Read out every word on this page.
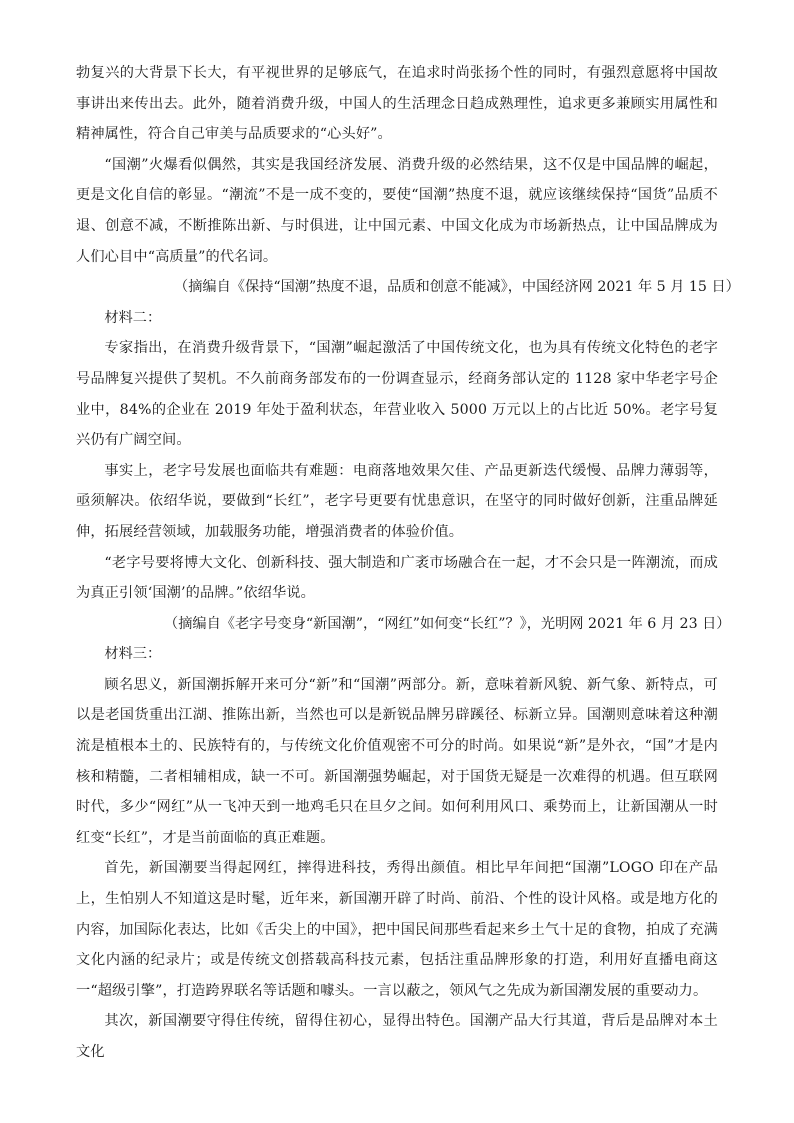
勃复兴的大背景下长大，有平视世界的足够底气，在追求时尚张扬个性的同时，有强烈意愿将中国故事讲出来传出去。此外，随着消费升级，中国人的生活理念日趋成熟理性，追求更多兼顾实用属性和精神属性，符合自己审美与品质要求的“心头好”。

“国潮”火爆看似偶然，其实是我国经济发展、消费升级的必然结果，这不仅是中国品牌的崛起，更是文化自信的彰显。“潮流”不是一成不变的，要使“国潮”热度不退，就应该继续保持“国货”品质不退、创意不减，不断推陈出新、与时俱进，让中国元素、中国文化成为市场新热点，让中国品牌成为人们心目中“高质量”的代名词。

（摘编自《保持“国潮”热度不退，品质和创意不能减》，中国经济网 2021 年 5 月 15 日）

材料二：

专家指出，在消费升级背景下，“国潮”崛起激活了中国传统文化，也为具有传统文化特色的老字号品牌复兴提供了契机。不久前商务部发布的一份调查显示，经商务部认定的 1128 家中华老字号企业中，84%的企业在 2019 年处于盈利状态，年营业收入 5000 万元以上的占比近 50%。老字号复兴仍有广阔空间。

事实上，老字号发展也面临共有难题：电商落地效果欠佳、产品更新迭代缓慢、品牌力薄弱等，亟须解决。依绍华说，要做到“长红”，老字号更要有忧患意识，在坚守的同时做好创新，注重品牌延伸，拓展经营领域，加载服务功能，增强消费者的体验价值。

“老字号要将博大文化、创新科技、强大制造和广袤市场融合在一起，才不会只是一阵潮流，而成为真正引领‘国潮’的品牌。”依绍华说。

（摘编自《老字号变身“新国潮”，“网红”如何变“长红”？》，光明网 2021 年 6 月 23 日）

材料三：

顾名思义，新国潮拆解开来可分“新”和“国潮”两部分。新，意味着新风貌、新气象、新特点，可以是老国货重出江湖、推陈出新，当然也可以是新锐品牌另辟蹊径、标新立异。国潮则意味着这种潮流是植根本土的、民族特有的，与传统文化价值观密不可分的时尚。如果说“新”是外衣，“国”才是内核和精髓，二者相辅相成，缺一不可。新国潮强势崛起，对于国货无疑是一次难得的机遇。但互联网时代，多少“网红”从一飞冲天到一地鸡毛只在旦夕之间。如何利用风口、乘势而上，让新国潮从一时红变“长红”，才是当前面临的真正难题。

首先，新国潮要当得起网红，摔得进科技，秀得出颜值。相比早年间把“国潮”LOGO 印在产品上，生怕别人不知道这是时髦，近年来，新国潮开辟了时尚、前沿、个性的设计风格。或是地方化的内容，加国际化表达，比如《舌尖上的中国》，把中国民间那些看起来乡土气十足的食物，拍成了充满文化内涵的纪录片；或是传统文创搭载高科技元素，包括注重品牌形象的打造，利用好直播电商这一“超级引擎”，打造跨界联名等话题和噱头。一言以蔽之，领风气之先成为新国潮发展的重要动力。

其次，新国潮要守得住传统，留得住初心，显得出特色。国潮产品大行其道，背后是品牌对本土文化
